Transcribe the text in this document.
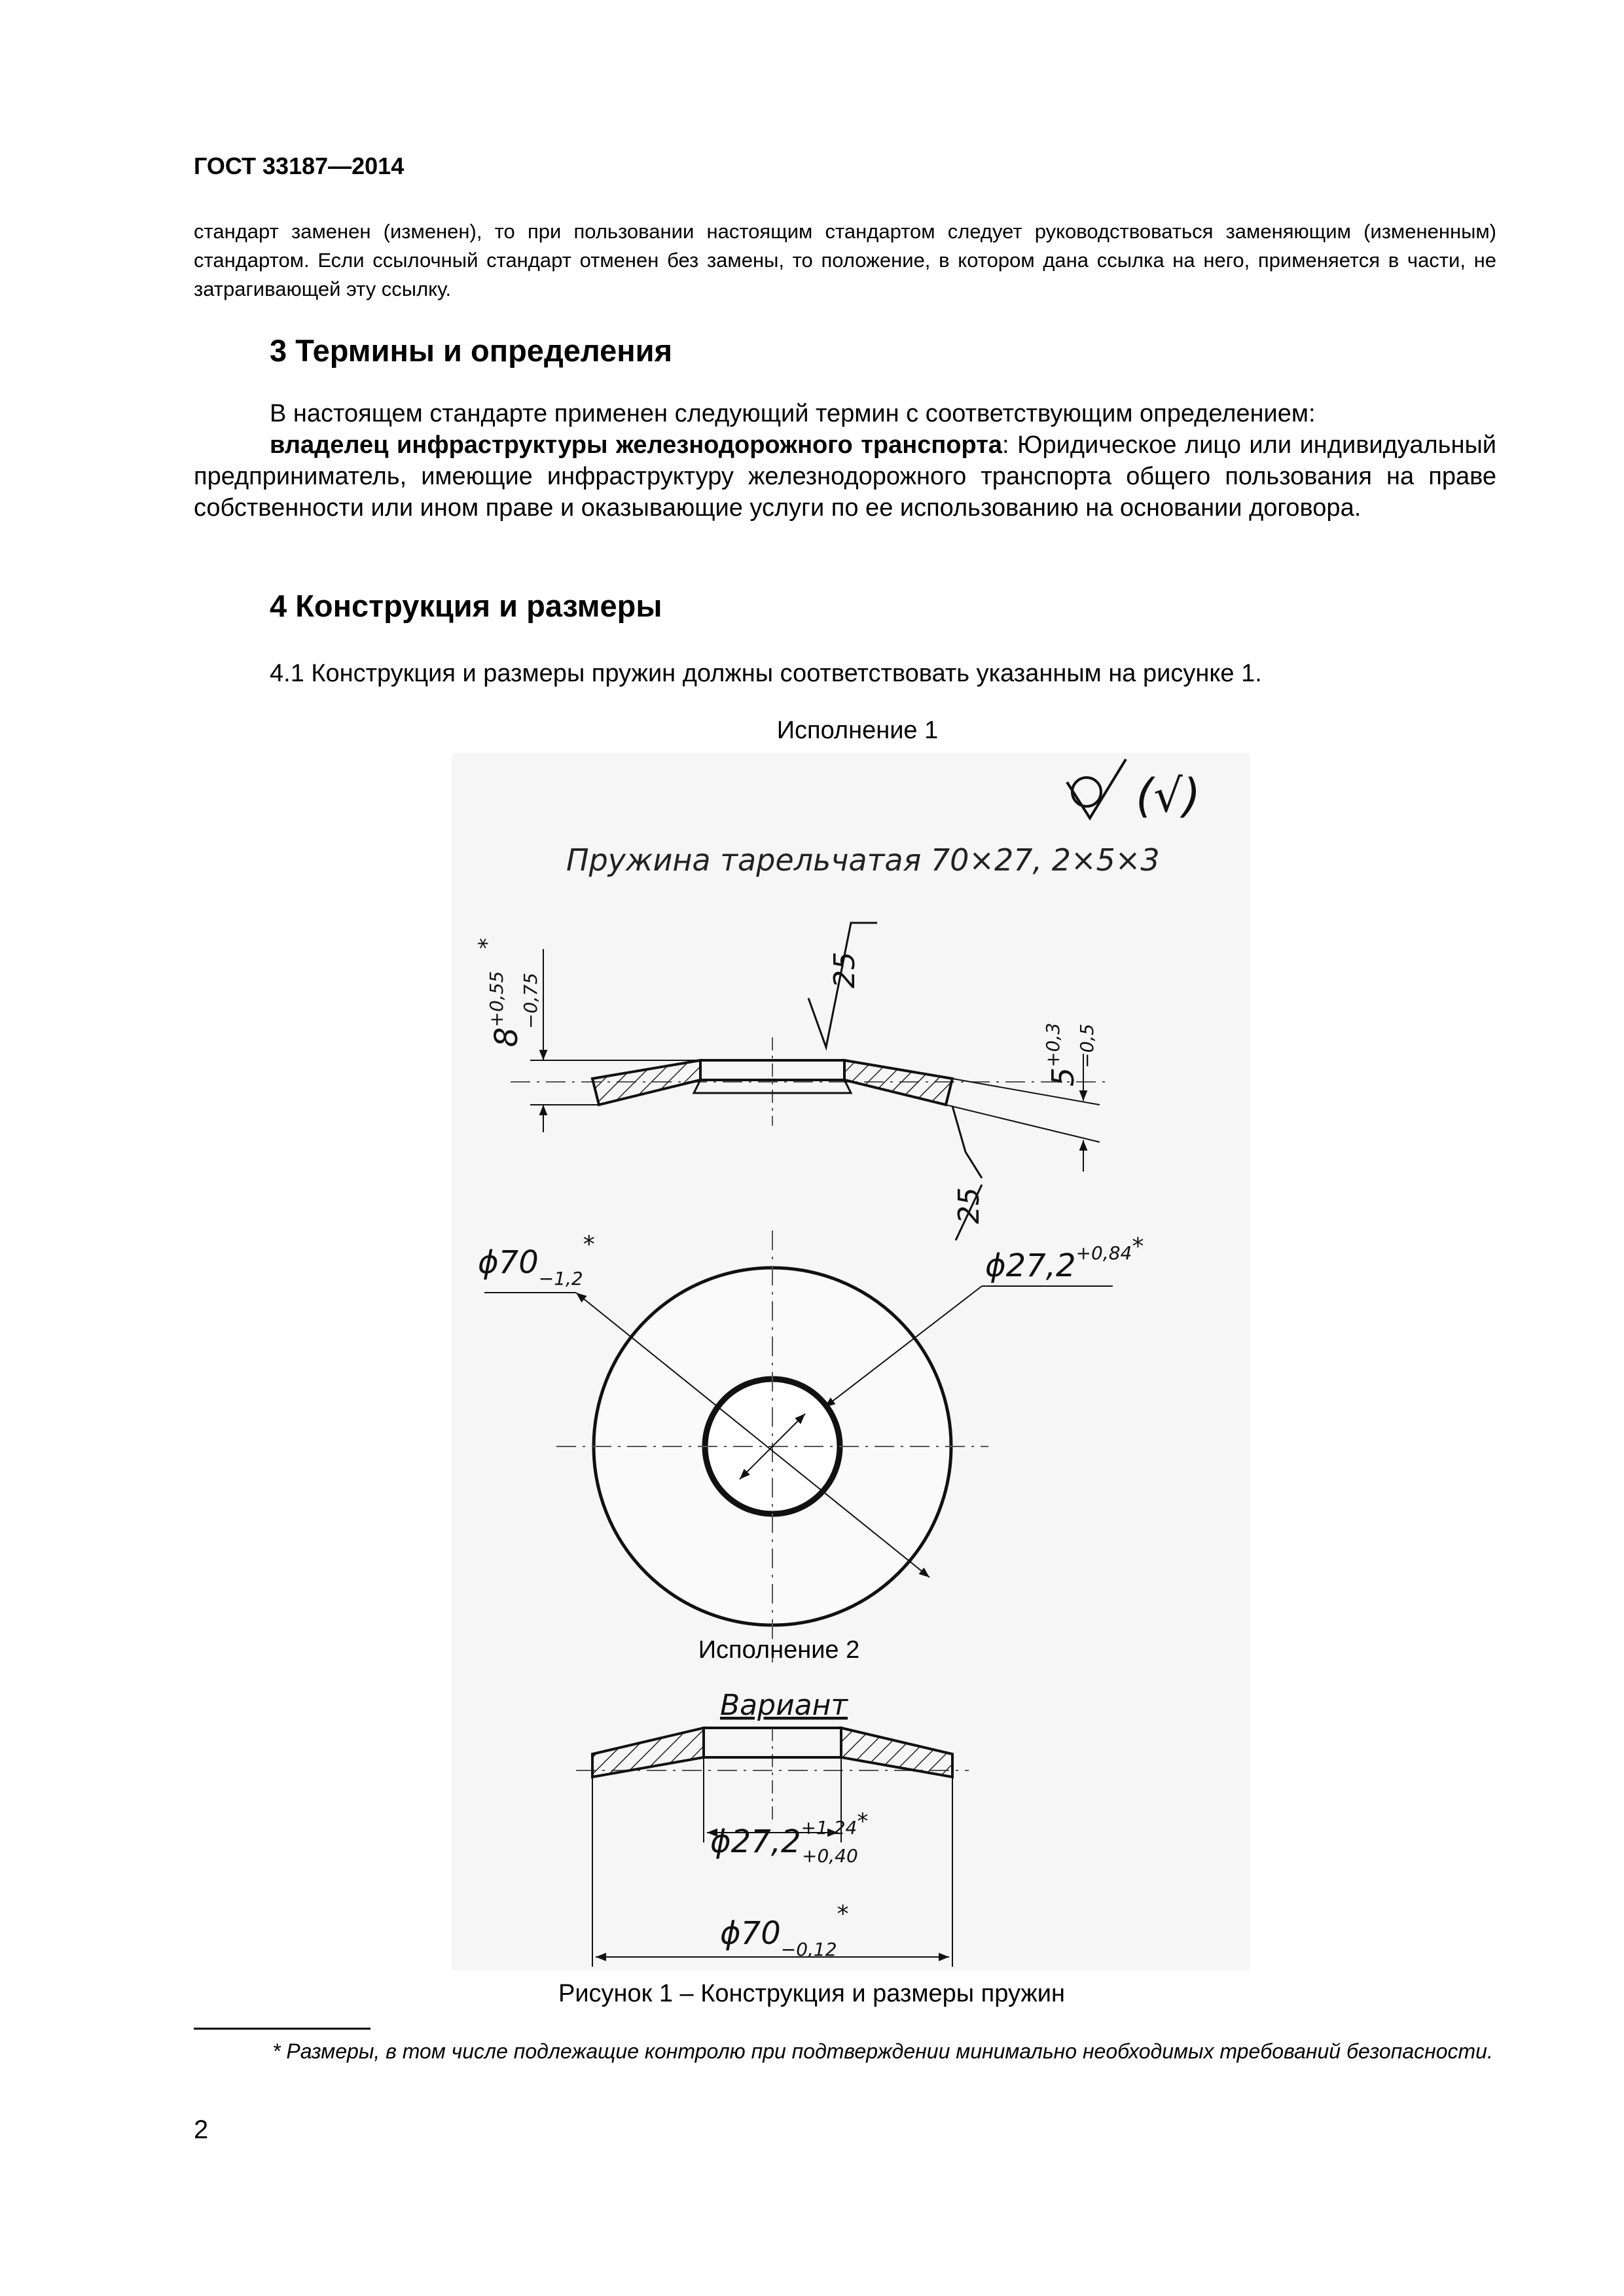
ГОСТ 33187—2014
стандарт заменен (изменен), то при пользовании настоящим стандартом следует руководствоваться заменяющим (измененным) стандартом. Если ссылочный стандарт отменен без замены, то положение, в котором дана ссылка на него, применяется в части, не затрагивающей эту ссылку.
3 Термины и определения
В настоящем стандарте применен следующий термин с соответствующим определением:
владелец инфраструктуры железнодорожного транспорта: Юридическое лицо или индивидуальный предприниматель, имеющие инфраструктуру железнодорожного транспорта общего пользования на праве собственности или ином праве и оказывающие услуги по ее использованию на основании договора.
4 Конструкция и размеры
4.1 Конструкция и размеры пружин должны соответствовать указанным на рисунке 1.
Исполнение 1
(√)
Пружина тарельчатая 70×27, 2×5×3
$8^{+0,55} -0,75$
*
$5^{+0,3} -0,5$
25
25
$\phi 70_{-1,2}^*$
$\phi 27,2^{+0,84}*$
Вариант
$\phi 27,2^{+1,24}*$
+0,40
$\phi 70_{-0,12}^*$
Исполнение 2
Рисунок 1 – Конструкция и размеры пружин
* Размеры, в том числе подлежащие контролю при подтверждении минимально необходимых требований безопасности.
2
